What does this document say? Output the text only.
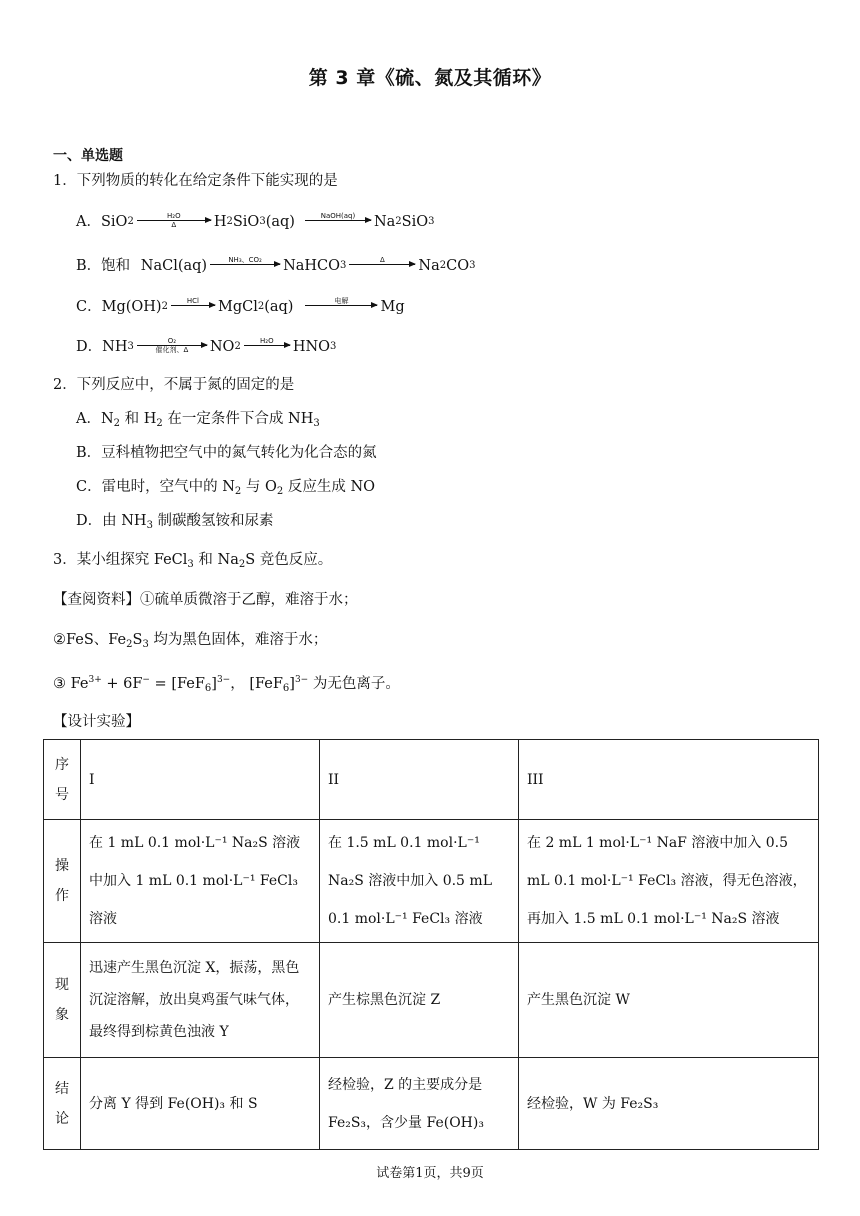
第 3 章《硫、氮及其循环》
一、单选题
1．下列物质的转化在给定条件下能实现的是
A． SiO 2
H₂O
Δ	H 2 SiO 3 (aq)	NaOH(aq) Na 2 SiO 3
B． 饱和 NaCl(aq)	NH₃、CO₂ NaHCO 3
Δ Na 2 CO 3
C． Mg(OH) 2
HCl MgCl 2 (aq)	电解 Mg
D． NH 3
O₂
催化剂、Δ NO 2
H₂O HNO 3
2．下列反应中，不属于氮的固定的是
A．$N_2$ 和 $H_2$ 在一定条件下合成 $NH_3$
B．豆科植物把空气中的氮气转化为化合态的氮
C．雷电时，空气中的 $N_2$ 与 $O_2$ 反应生成 NO
D．由 $NH_3$ 制碳酸氢铵和尿素
3．某小组探究 FeCl$_3$ 和 $Na_2S$ 竞色反应。
【查阅资料】①硫单质微溶于乙醇，难溶于水；
②FeS、$Fe_2S_3$ 均为黑色固体，难溶于水；
③ $Fe^{3+} + 6F^- = [FeF_6]^{3-}$， $[FeF_6]^{3-}$ 为无色离子。
【设计实验】
序号	I	II	III
操作	在 1 mL 0.1 mol·L⁻¹ Na₂S 溶液中加入 1 mL 0.1 mol·L⁻¹ FeCl₃ 溶液	在 1.5 mL 0.1 mol·L⁻¹ Na₂S 溶液中加入 0.5 mL 0.1 mol·L⁻¹ FeCl₃ 溶液	在 2 mL 1 mol·L⁻¹ NaF 溶液中加入 0.5 mL 0.1 mol·L⁻¹ FeCl₃ 溶液，得无色溶液，再加入 1.5 mL 0.1 mol·L⁻¹ Na₂S 溶液
现象	迅速产生黑色沉淀 X，振荡，黑色沉淀溶解，放出臭鸡蛋气味气体，最终得到棕黄色浊液 Y	产生棕黑色沉淀 Z	产生黑色沉淀 W
结论	分离 Y 得到 Fe(OH)₃ 和 S	经检验，Z 的主要成分是 Fe₂S₃，含少量 Fe(OH)₃	经检验，W 为 Fe₂S₃
试卷第1页，共9页
